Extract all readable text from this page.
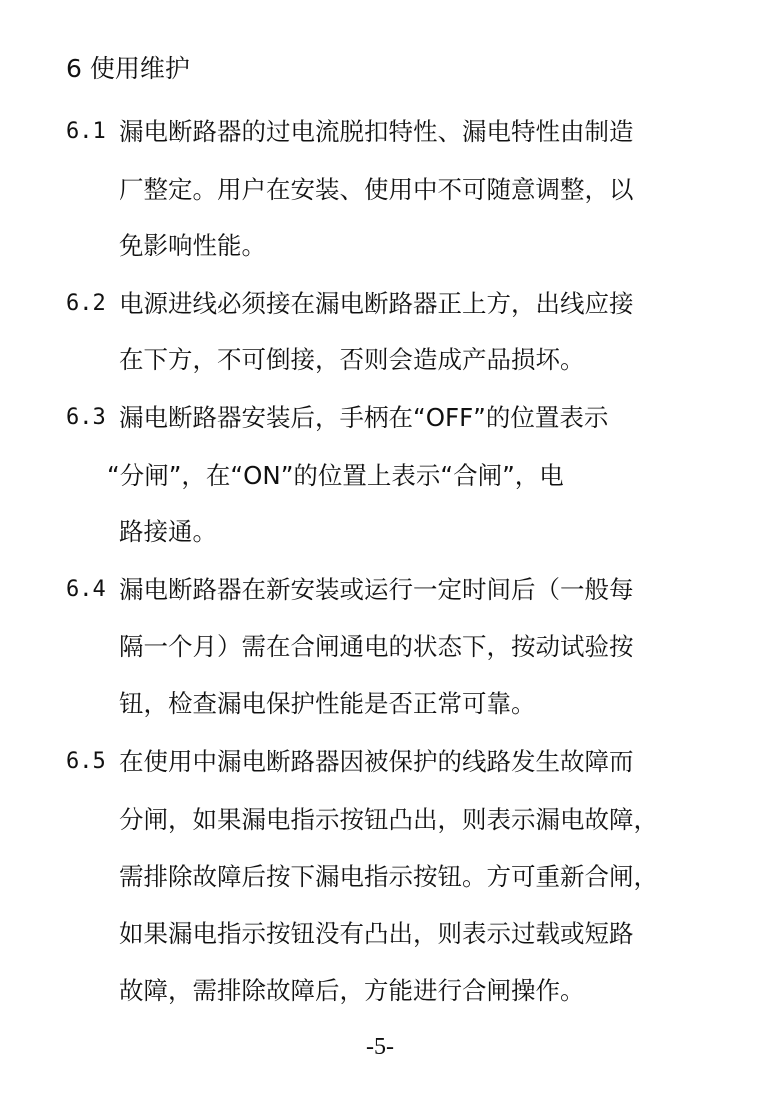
6 使用维护
6.1 漏电断路器的过电流脱扣特性、漏电特性由制造
厂整定。用户在安装、使用中不可随意调整，以
免影响性能。
6.2 电源进线必须接在漏电断路器正上方，出线应接
在下方，不可倒接，否则会造成产品损坏。
6.3 漏电断路器安装后，手柄在“OFF”的位置表示
“分闸”，在“ON”的位置上表示“合闸”，电
路接通。
6.4 漏电断路器在新安装或运行一定时间后（一般每
隔一个月）需在合闸通电的状态下，按动试验按
钮，检查漏电保护性能是否正常可靠。
6.5 在使用中漏电断路器因被保护的线路发生故障而
分闸，如果漏电指示按钮凸出，则表示漏电故障，
需排除故障后按下漏电指示按钮。方可重新合闸，
如果漏电指示按钮没有凸出，则表示过载或短路
故障，需排除故障后，方能进行合闸操作。
-5-
